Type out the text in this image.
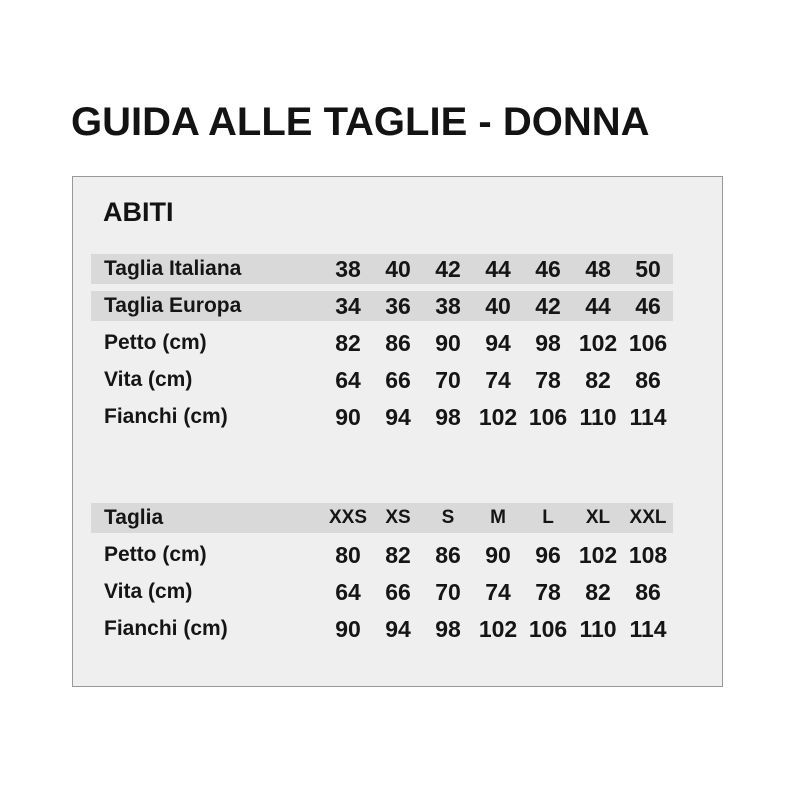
GUIDA ALLE TAGLIE - DONNA
ABITI
Taglia Italiana	38	40	42	44	46	48	50
Taglia Europa	34	36	38	40	42	44	46
Petto (cm)	82	86	90	94	98 102 106
Vita (cm)	64	66	70	74	78	82	86
Fianchi (cm)	90	94	98 102 106 110 114
Taglia	XXS XS	S	M	L	XL	XXL
Petto (cm)	80	82	86	90	96 102 108
Vita (cm)	64	66	70	74	78	82	86
Fianchi (cm)	90	94	98 102 106 110 114
